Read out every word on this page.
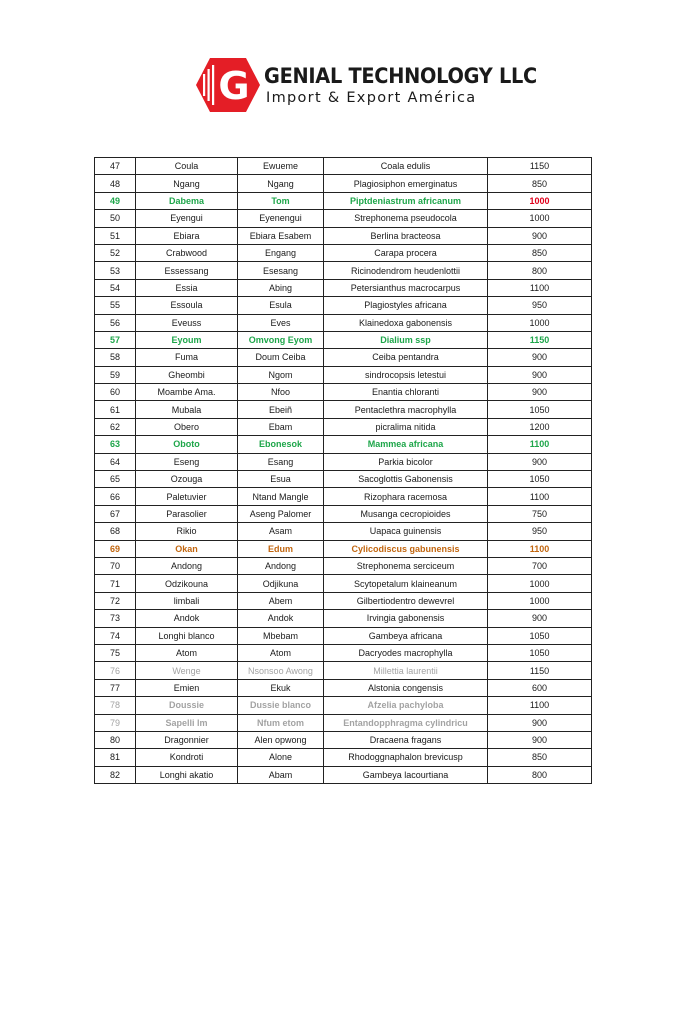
G GENIAL TECHNOLOGY LLC
Import & Export América
47	Coula	Ewueme	Coala edulis	1150
48	Ngang	Ngang	Plagiosiphon emerginatus	850
49	Dabema	Tom	Piptdeniastrum africanum	1000
50	Eyengui	Eyenengui	Strephonema pseudocola	1000
51	Ebiara	Ebiara Esabem	Berlina bracteosa	900
52	Crabwood	Engang	Carapa procera	850
53	Essessang	Esesang	Ricinodendrom heudenlottii	800
54	Essia	Abing	Petersianthus macrocarpus	1100
55	Essoula	Esula	Plagiostyles africana	950
56	Eveuss	Eves	Klainedoxa gabonensis	1000
57	Eyoum	Omvong Eyom	Dialium ssp	1150
58	Fuma	Doum Ceiba	Ceiba pentandra	900
59	Gheombi	Ngom	sindrocopsis letestui	900
60	Moambe Ama.	Nfoo	Enantia chloranti	900
61	Mubala	Ebeiñ	Pentaclethra macrophylla	1050
62	Obero	Ebam	picralima nitida	1200
63	Oboto	Ebonesok	Mammea africana	1100
64	Eseng	Esang	Parkia bicolor	900
65	Ozouga	Esua	Sacoglottis Gabonensis	1050
66	Paletuvier	Ntand Mangle	Rizophara racemosa	1100
67	Parasolier	Aseng Palomer	Musanga cecropioides	750
68	Rikio	Asam	Uapaca guinensis	950
69	Okan	Edum	Cylicodiscus gabunensis	1100
70	Andong	Andong	Strephonema serciceum	700
71	Odzikouna	Odjikuna	Scytopetalum klaineanum	1000
72	limbali	Abem	Gilbertiodentro dewevrel	1000
73	Andok	Andok	Irvingia gabonensis	900
74	Longhi blanco	Mbebam	Gambeya africana	1050
75	Atom	Atom	Dacryodes macrophylla	1050
76	Wenge	Nsonsoo Awong	Millettia laurentii	1150
77	Emien	Ekuk	Alstonia congensis	600
78	Doussie	Dussie blanco	Afzelia pachyloba	1100
79	Sapelli lm	Nfum etom	Entandopphragma cylindricu	900
80	Dragonnier	Alen opwong	Dracaena fragans	900
81	Kondroti	Alone	Rhodoggnaphalon brevicusp	850
82	Longhi akatio	Abam	Gambeya lacourtiana	800
